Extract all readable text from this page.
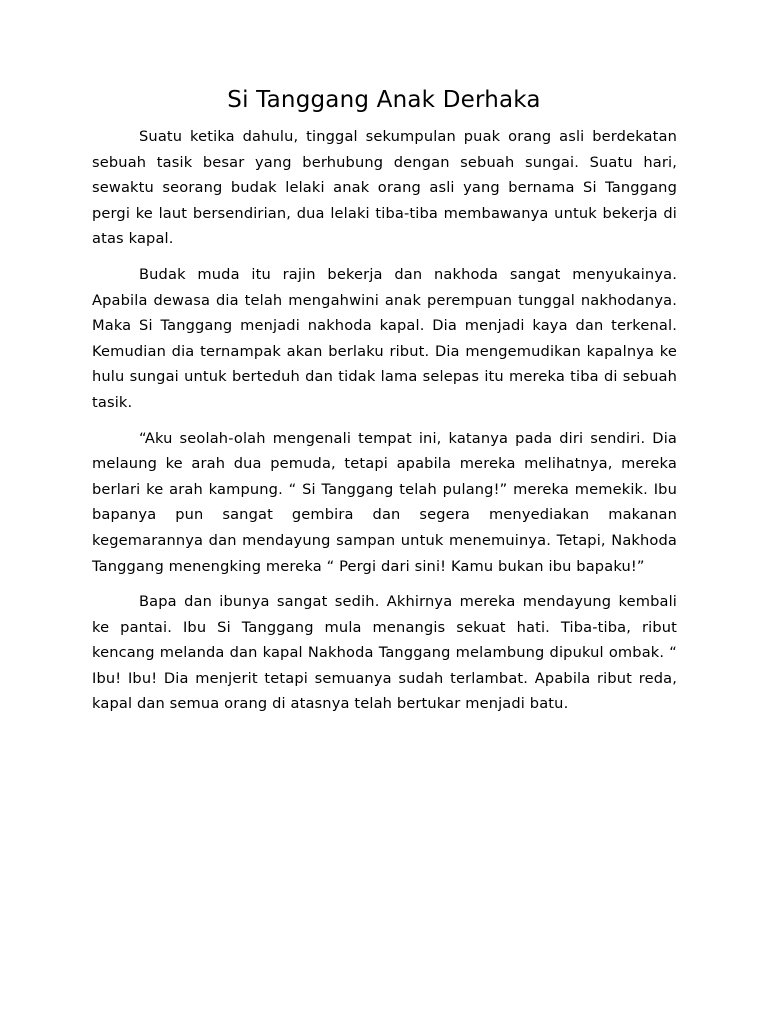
Si Tanggang Anak Derhaka

Suatu ketika dahulu, tinggal sekumpulan puak orang asli berdekatan sebuah tasik besar yang berhubung dengan sebuah sungai. Suatu hari, sewaktu seorang budak lelaki anak orang asli yang bernama Si Tanggang pergi ke laut bersendirian, dua lelaki tiba-tiba membawanya untuk bekerja di atas kapal.

Budak muda itu rajin bekerja dan nakhoda sangat menyukainya. Apabila dewasa dia telah mengahwini anak perempuan tunggal nakhodanya. Maka Si Tanggang menjadi nakhoda kapal. Dia menjadi kaya dan terkenal. Kemudian dia ternampak akan berlaku ribut. Dia mengemudikan kapalnya ke hulu sungai untuk berteduh dan tidak lama selepas itu mereka tiba di sebuah tasik.

“Aku seolah-olah mengenali tempat ini, katanya pada diri sendiri. Dia melaung ke arah dua pemuda, tetapi apabila mereka melihatnya, mereka berlari ke arah kampung. “ Si Tanggang telah pulang!” mereka memekik. Ibu bapanya pun sangat gembira dan segera menyediakan makanan kegemarannya dan mendayung sampan untuk menemuinya. Tetapi, Nakhoda Tanggang menengking mereka “ Pergi dari sini! Kamu bukan ibu bapaku!”

Bapa dan ibunya sangat sedih. Akhirnya mereka mendayung kembali ke pantai. Ibu Si Tanggang mula menangis sekuat hati. Tiba-tiba, ribut kencang melanda dan kapal Nakhoda Tanggang melambung dipukul ombak. “ Ibu! Ibu! Dia menjerit tetapi semuanya sudah terlambat. Apabila ribut reda, kapal dan semua orang di atasnya telah bertukar menjadi batu.
